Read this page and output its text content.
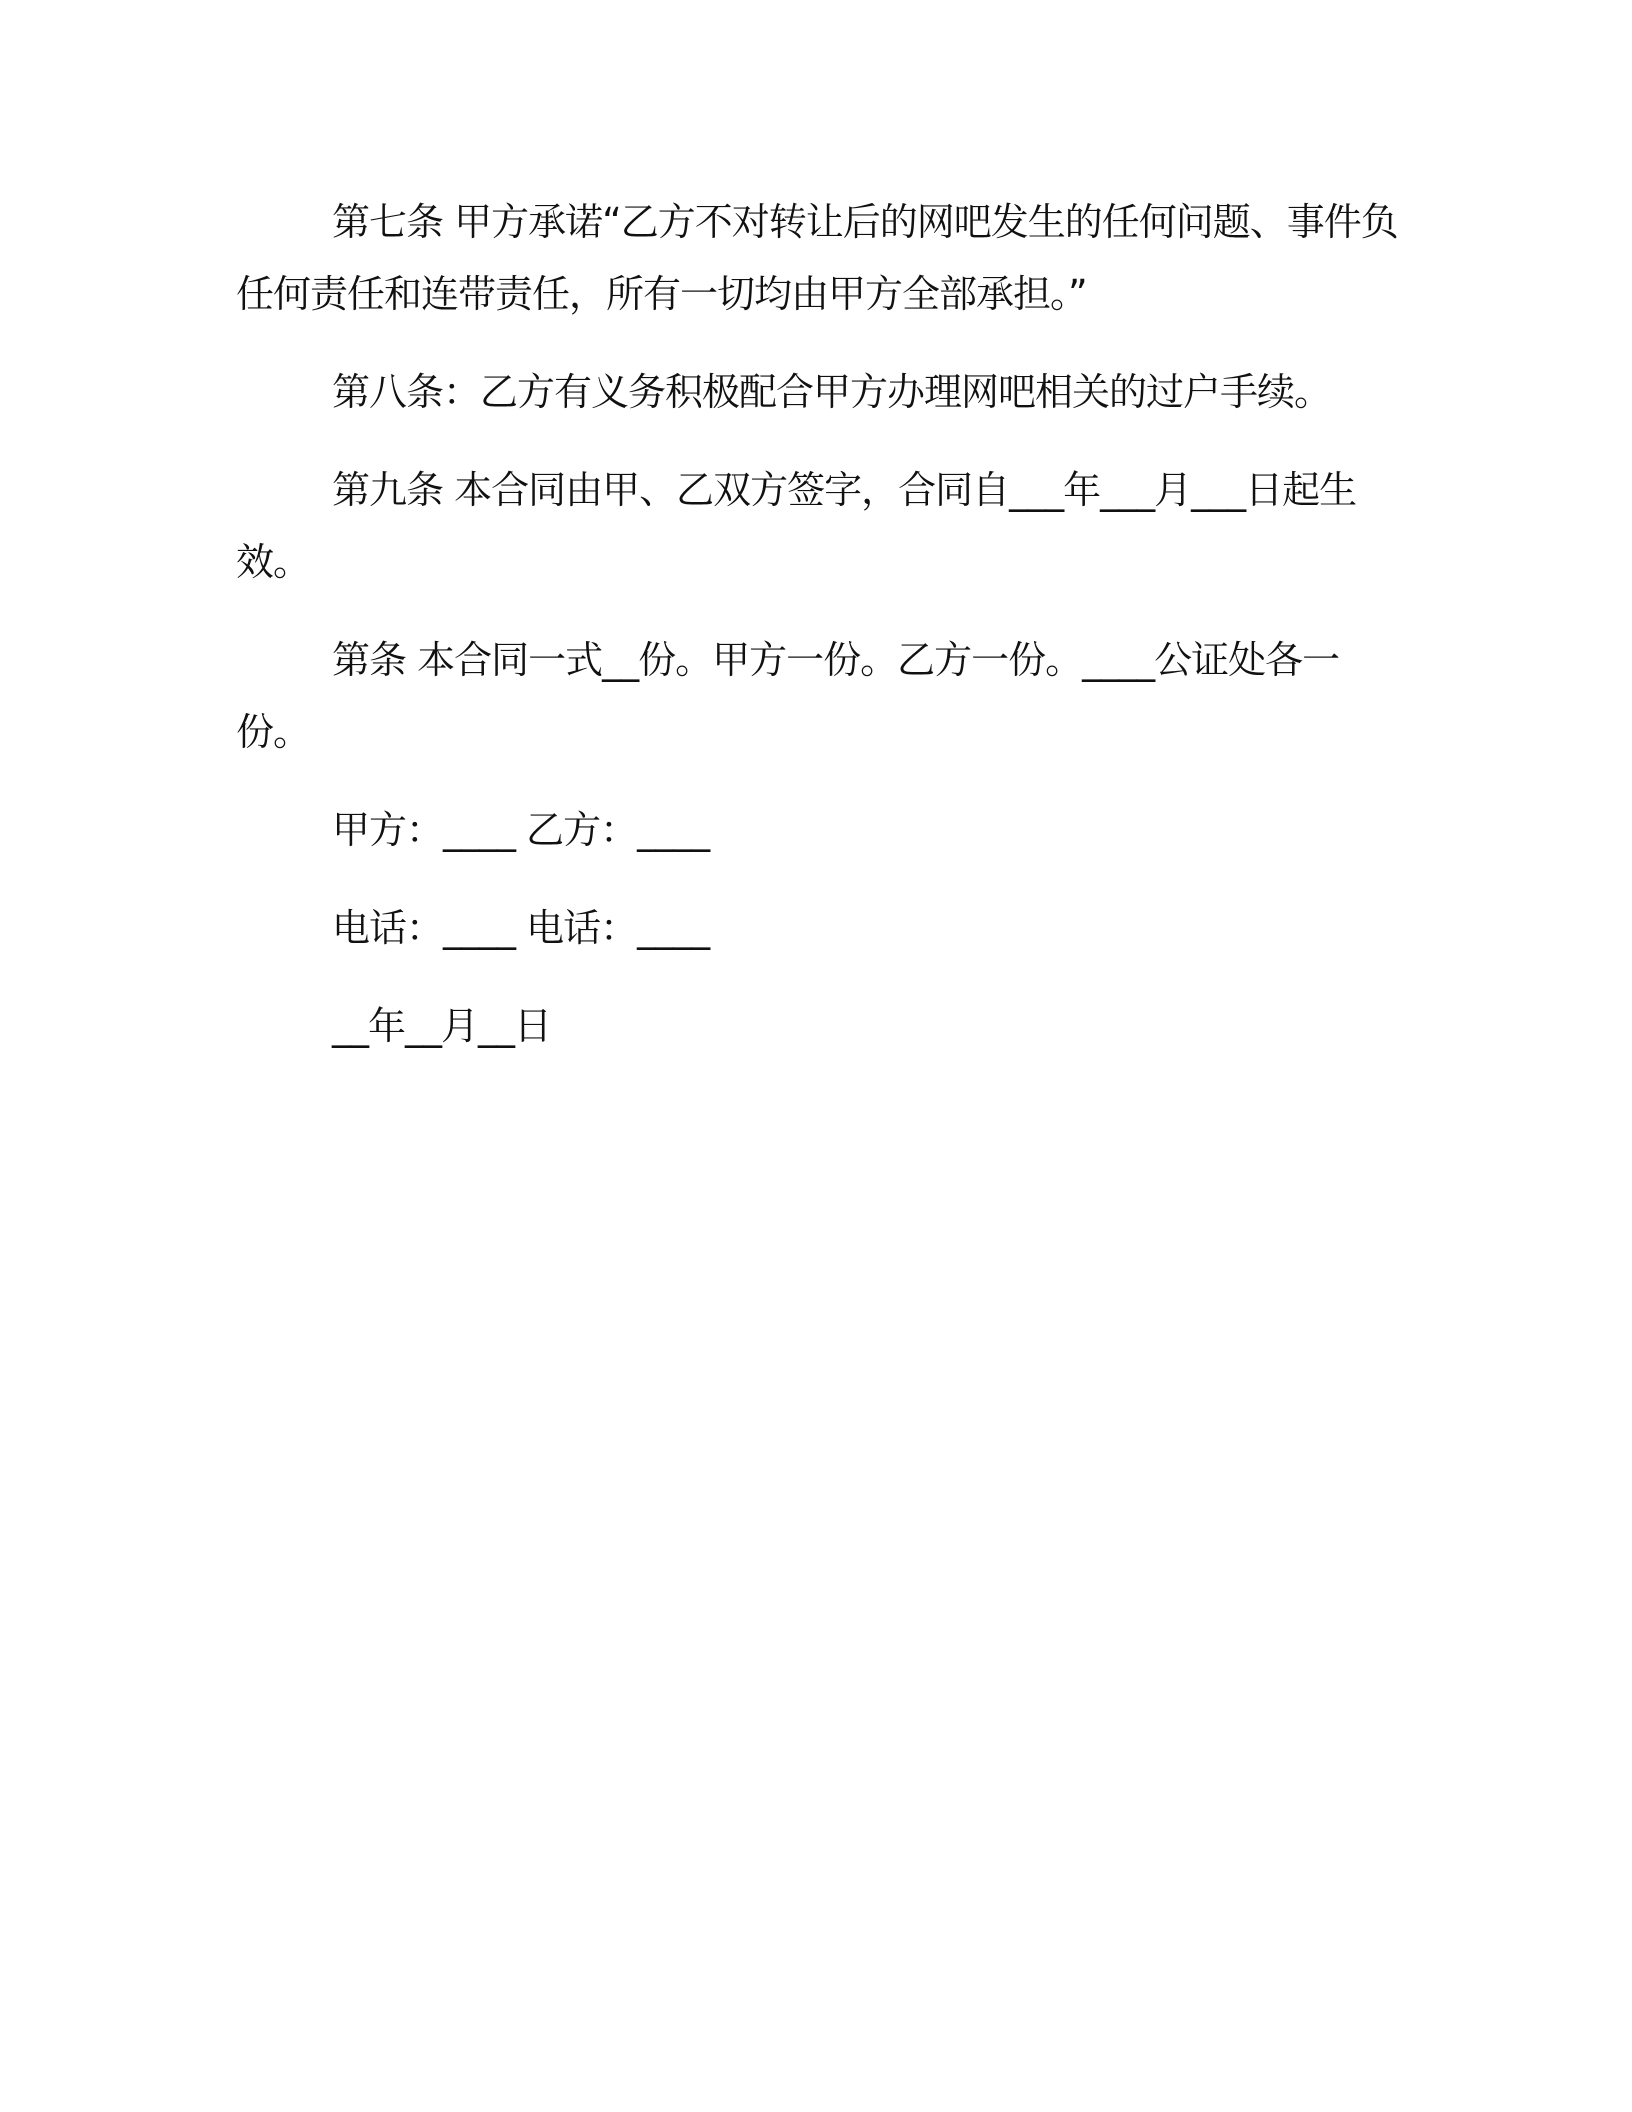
第七条 甲方承诺“乙方不对转让后的网吧发生的任何问题、事件负任何责任和连带责任，所有一切均由甲方全部承担。”

第八条：乙方有义务积极配合甲方办理网吧相关的过户手续。

第九条 本合同由甲、乙双方签字，合同自___年___月___日起生效。

第条 本合同一式__份。甲方一份。乙方一份。____公证处各一份。

甲方：____ 乙方：____

电话：____ 电话：____

__年__月__日
